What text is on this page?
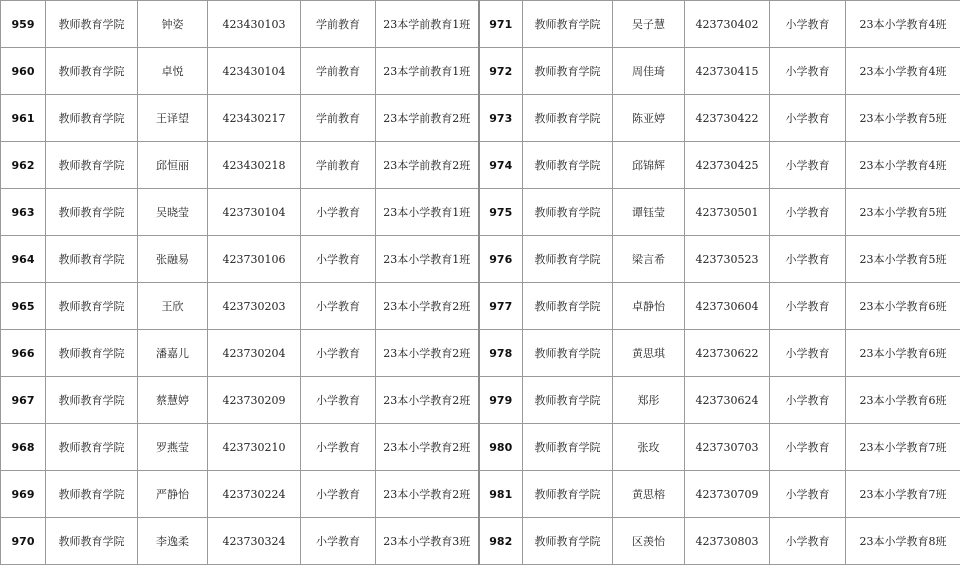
959	教师教育学院	钟姿	423430103	学前教育	23本学前教育1班	971	教师教育学院	吴子慧	423730402	小学教育	23本小学教育4班
960	教师教育学院	卓悦	423430104	学前教育	23本学前教育1班	972	教师教育学院	周佳琦	423730415	小学教育	23本小学教育4班
961	教师教育学院	王译望	423430217	学前教育	23本学前教育2班	973	教师教育学院	陈亚婷	423730422	小学教育	23本小学教育5班
962	教师教育学院	邱恒丽	423430218	学前教育	23本学前教育2班	974	教师教育学院	邱锦辉	423730425	小学教育	23本小学教育4班
963	教师教育学院	吴晓莹	423730104	小学教育	23本小学教育1班	975	教师教育学院	谭钰莹	423730501	小学教育	23本小学教育5班
964	教师教育学院	张融易	423730106	小学教育	23本小学教育1班	976	教师教育学院	梁言希	423730523	小学教育	23本小学教育5班
965	教师教育学院	王欣	423730203	小学教育	23本小学教育2班	977	教师教育学院	卓静怡	423730604	小学教育	23本小学教育6班
966	教师教育学院	潘嘉儿	423730204	小学教育	23本小学教育2班	978	教师教育学院	黄思琪	423730622	小学教育	23本小学教育6班
967	教师教育学院	蔡慧婷	423730209	小学教育	23本小学教育2班	979	教师教育学院	郑彤	423730624	小学教育	23本小学教育6班
968	教师教育学院	罗燕莹	423730210	小学教育	23本小学教育2班	980	教师教育学院	张玫	423730703	小学教育	23本小学教育7班
969	教师教育学院	严静怡	423730224	小学教育	23本小学教育2班	981	教师教育学院	黄思榕	423730709	小学教育	23本小学教育7班
970	教师教育学院	李逸柔	423730324	小学教育	23本小学教育3班	982	教师教育学院	区羡怡	423730803	小学教育	23本小学教育8班
